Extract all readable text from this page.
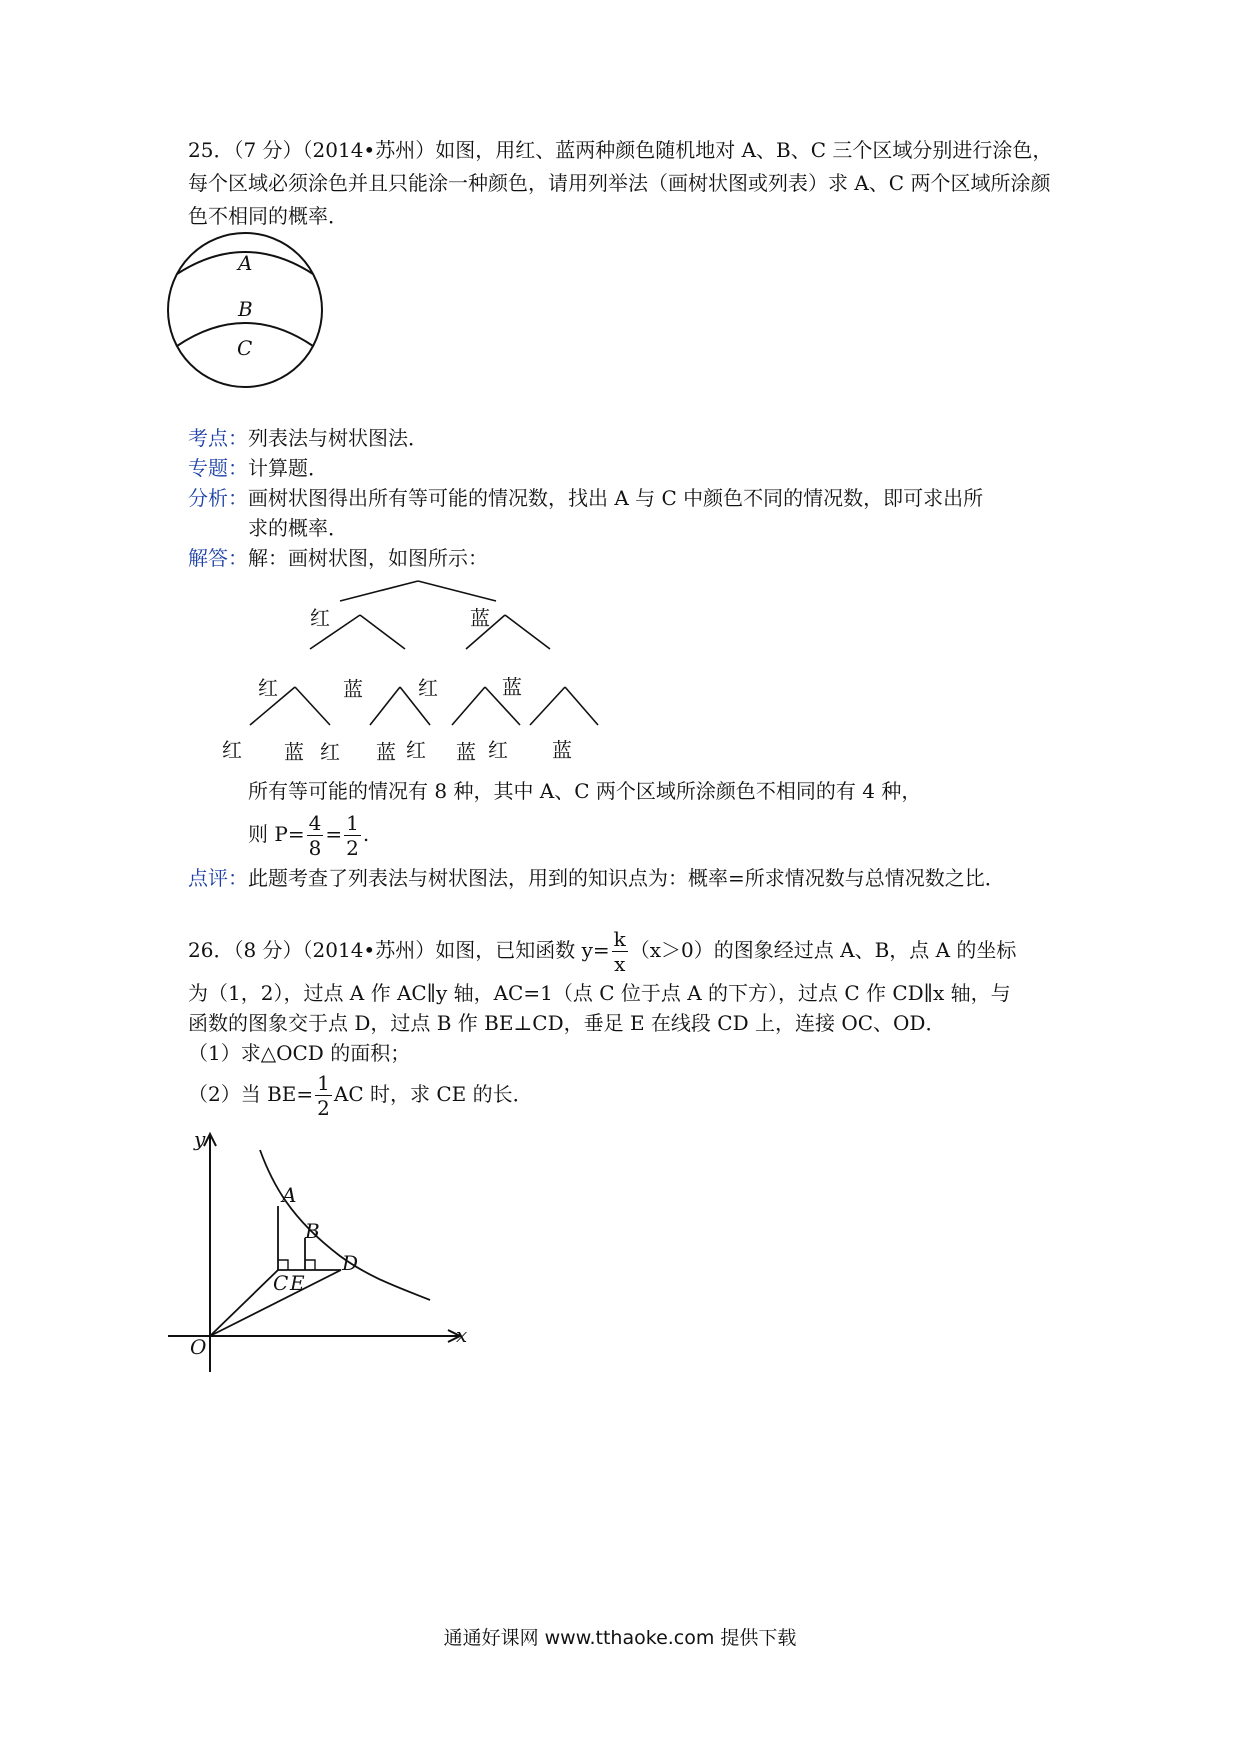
25．（7 分）（2014•苏州）如图，用红、蓝两种颜色随机地对 A、B、C 三个区域分别进行涂色，每个区域必须涂色并且只能涂一种颜色，请用列举法（画树状图或列表）求 A、C 两个区域所涂颜色不相同的概率．
A
B
C
考点：列表法与树状图法．
专题：计算题．
分析：画树状图得出所有等可能的情况数，找出 A 与 C 中颜色不同的情况数，即可求出所
求的概率．
解答：解：画树状图，如图所示：
红	蓝
红	蓝	红	蓝
红 蓝 红 蓝 红 蓝 红 蓝
所有等可能的情况有 8 种，其中 A、C 两个区域所涂颜色不相同的有 4 种，
则 $P= \frac{4}{8} = \frac{1}{2}$ .
点评：此题考查了列表法与树状图法，用到的知识点为：概率=所求情况数与总情况数之比．
26．（8 分）（2014•苏州）如图，已知函数 $y= \frac{k}{x} (x>0)$的图象经过点 A、B，点 A 的坐标
为（1，2），过点 A 作 AC∥y 轴，AC=1（点 C 位于点 A 的下方），过点 C 作 CD∥x 轴，与
函数的图象交于点 D，过点 B 作 BE⊥CD，垂足 E 在线段 CD 上，连接 OC、OD．
（1）求△OCD 的面积；
（2）当 $BE= \frac{1}{2}$ AC 时，求 CE 的长．
y
x
O
A
B
C E
D
通通好课网 www.tthaoke.com 提供下载
